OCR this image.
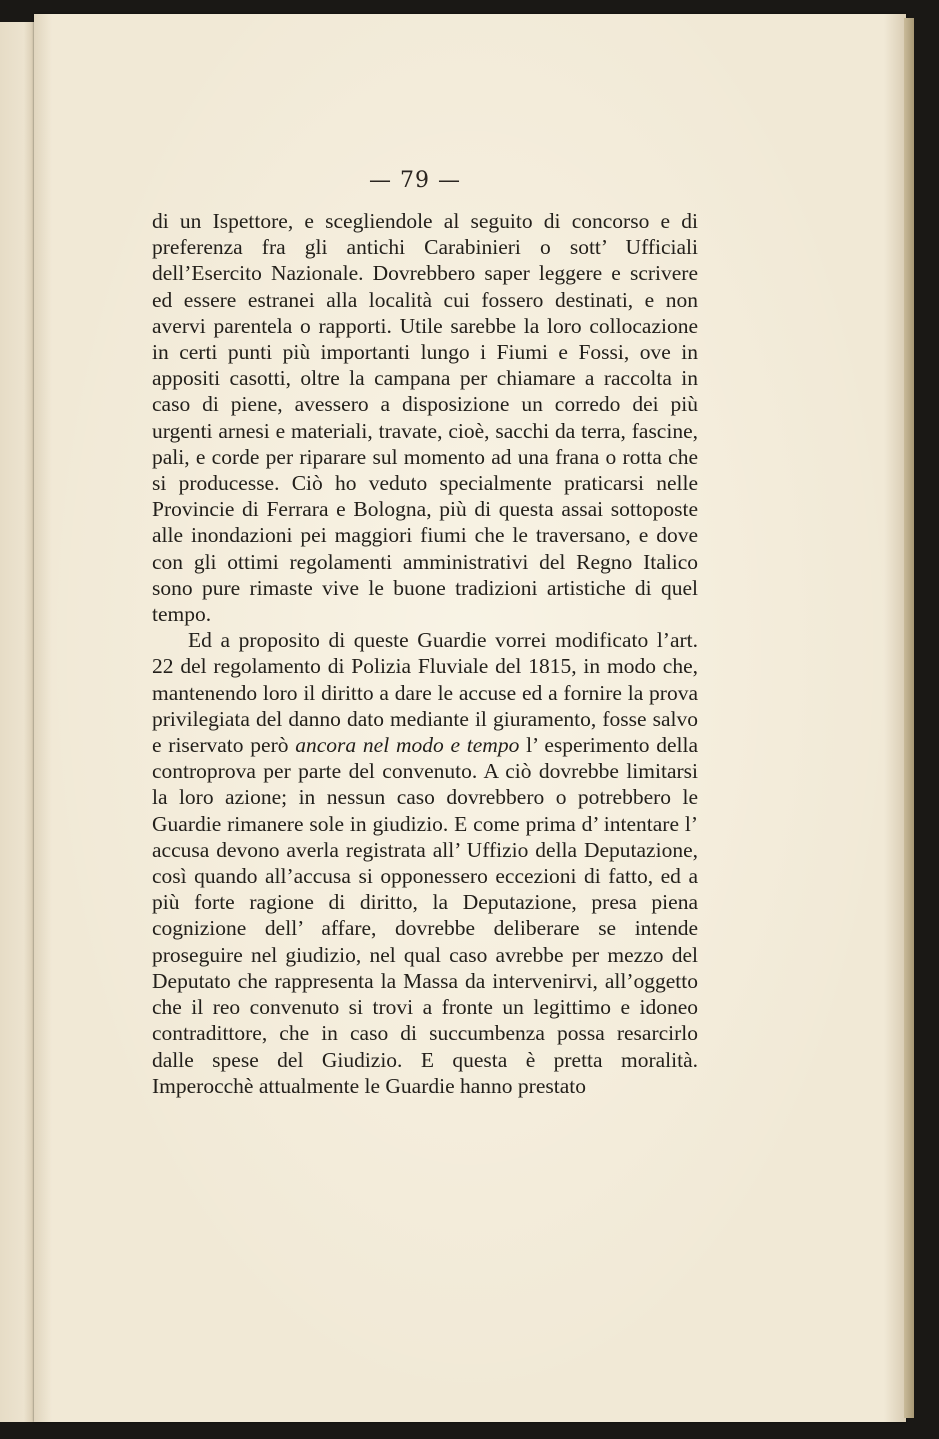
— 79 —

di un Ispettore, e scegliendole al seguito di concorso e di preferenza fra gli antichi Carabinieri o sott’ Ufficiali dell’Esercito Nazionale. Dovrebbero saper leggere e scrivere ed essere estranei alla località cui fossero destinati, e non avervi parentela o rapporti. Utile sarebbe la loro collocazione in certi punti più importanti lungo i Fiumi e Fossi, ove in appositi casotti, oltre la campana per chiamare a raccolta in caso di piene, avessero a disposizione un corredo dei più urgenti arnesi e materiali, travate, cioè, sacchi da terra, fascine, pali, e corde per riparare sul momento ad una frana o rotta che si producesse. Ciò ho veduto specialmente praticarsi nelle Provincie di Ferrara e Bologna, più di questa assai sottoposte alle inondazioni pei maggiori fiumi che le traversano, e dove con gli ottimi regolamenti amministrativi del Regno Italico sono pure rimaste vive le buone tradizioni artistiche di quel tempo.

Ed a proposito di queste Guardie vorrei modificato l’art. 22 del regolamento di Polizia Fluviale del 1815, in modo che, mantenendo loro il diritto a dare le accuse ed a fornire la prova privilegiata del danno dato mediante il giuramento, fosse salvo e riservato però ancora nel modo e tempo l’ esperimento della controprova per parte del convenuto. A ciò dovrebbe limitarsi la loro azione; in nessun caso dovrebbero o potrebbero le Guardie rimanere sole in giudizio. E come prima d’ intentare l’ accusa devono averla registrata all’ Uffizio della Deputazione, così quando all’accusa si opponessero eccezioni di fatto, ed a più forte ragione di diritto, la Deputazione, presa piena cognizione dell’ affare, dovrebbe deliberare se intende proseguire nel giudizio, nel qual caso avrebbe per mezzo del Deputato che rappresenta la Massa da intervenirvi, all’oggetto che il reo convenuto si trovi a fronte un legittimo e idoneo contradittore, che in caso di succumbenza possa resarcirlo dalle spese del Giudizio. E questa è pretta moralità. Imperocchè attualmente le Guardie hanno prestato
